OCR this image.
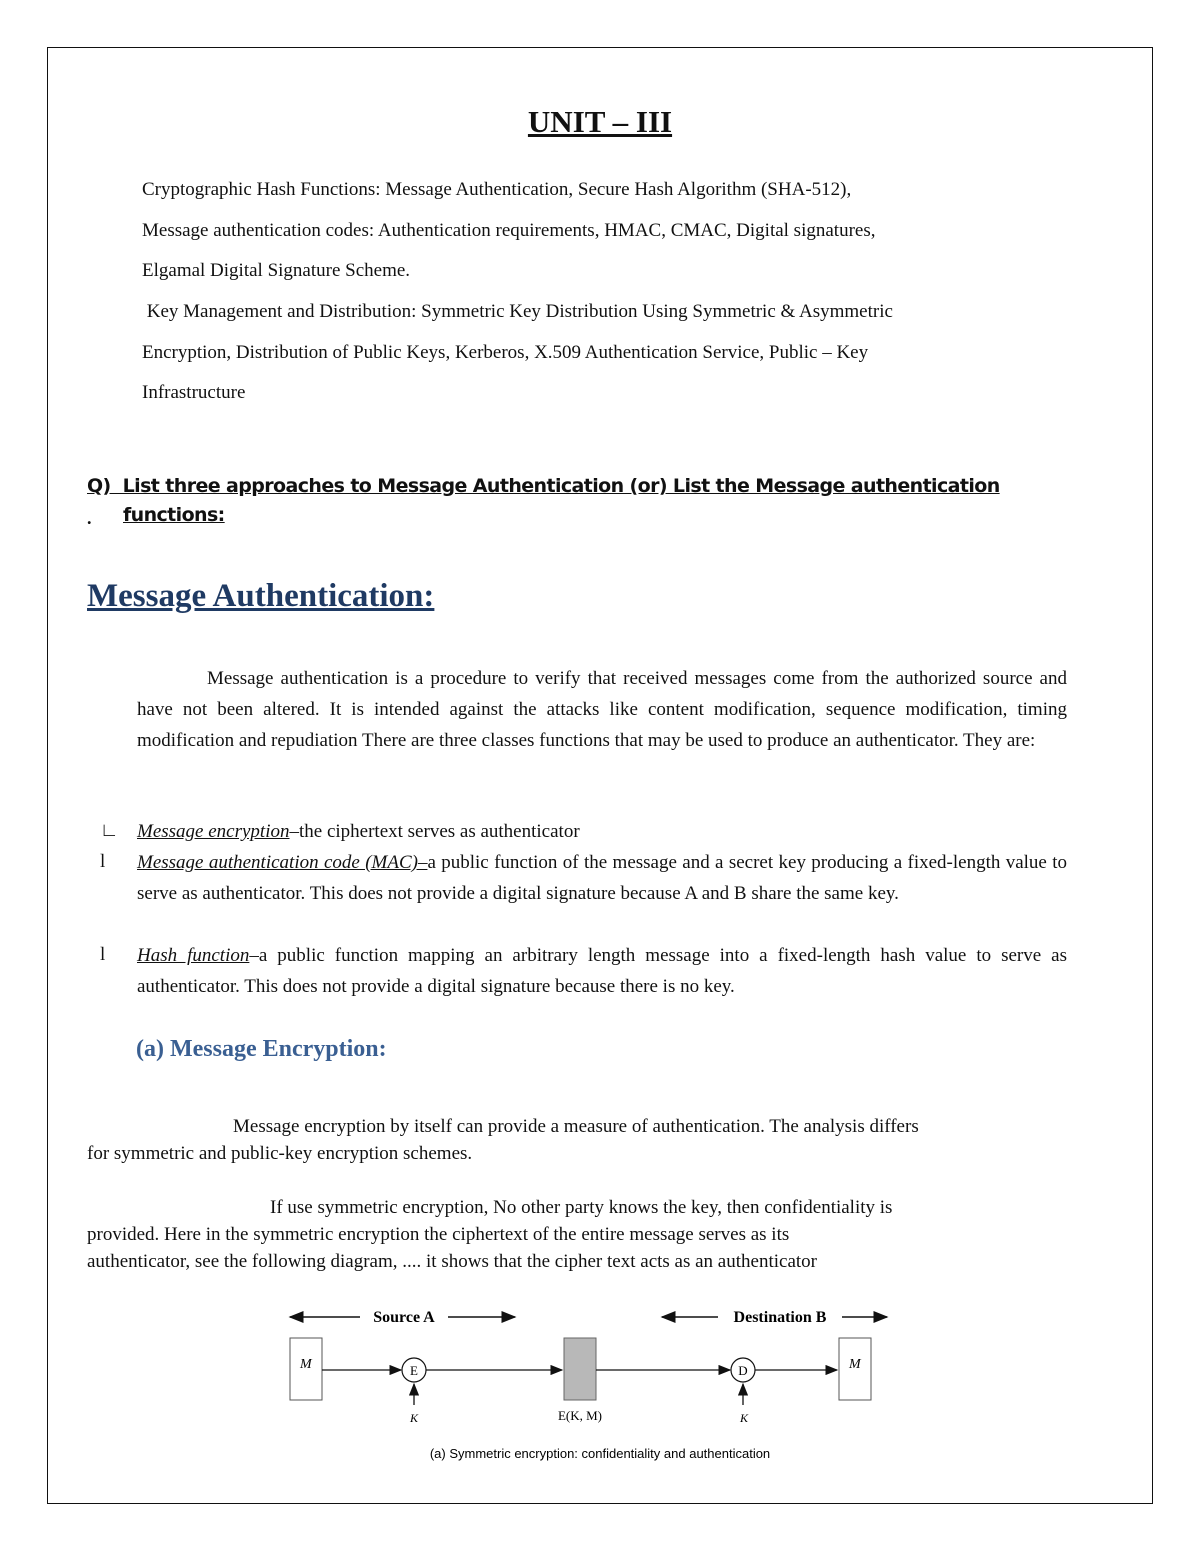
UNIT – III
Cryptographic Hash Functions: Message Authentication, Secure Hash Algorithm (SHA-512),
Message authentication codes: Authentication requirements, HMAC, CMAC, Digital signatures,
Elgamal Digital Signature Scheme.
Key Management and Distribution: Symmetric Key Distribution Using Symmetric & Asymmetric
Encryption, Distribution of Public Keys, Kerberos, X.509 Authentication Service, Public – Key
Infrastructure
Q)  List three approaches to Message Authentication (or) List the Message authentication
. functions:
Message Authentication:
Message authentication is a procedure to verify that received messages come from the authorized source and have not been altered. It is intended against the attacks like content modification, sequence modification, timing modification and repudiation There are three classes functions that may be used to produce an authenticator. They are:
∟ Message encryption–the ciphertext serves as authenticator
l Message authentication code (MAC)–a public function of the message and a secret key producing a fixed-length value to serve as authenticator. This does not provide a digital signature because A and B share the same key.
l Hash function–a public function mapping an arbitrary length message into a fixed-length hash value to serve as authenticator. This does not provide a digital signature because there is no key.
(a) Message Encryption:
Message encryption by itself can provide a measure of authentication. The analysis differs
for symmetric and public-key encryption schemes.
If use symmetric encryption, No other party knows the key, then confidentiality is
provided. Here in the symmetric encryption the ciphertext of the entire message serves as its
authenticator, see the following diagram, .... it shows that the cipher text acts as an authenticator
Source A	Destination B
M	E
K	E(K, M)
D
K
M
(a) Symmetric encryption: confidentiality and authentication
